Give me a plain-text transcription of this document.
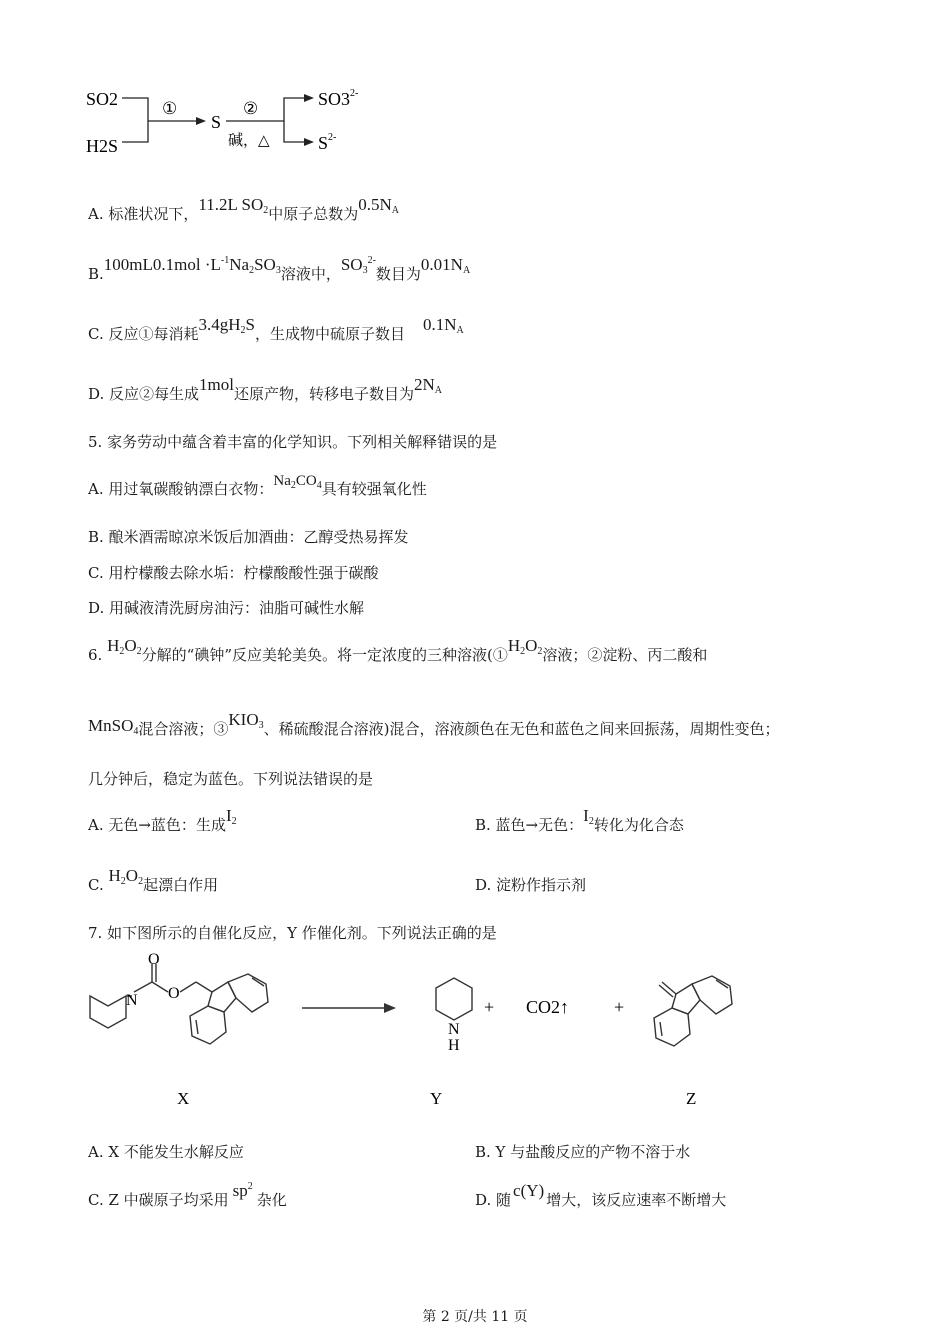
SO2
H2S
①
S
②
碱，△
$SO3^{2-}$
$S^{2-}$
A. 标准状况下，11.2L $SO_2$中原子总数为$0.5N_A$
$B.100mL0.1mol \cdot L^{-1}Na_2SO_3$溶液中，$SO_3^{2-}$数目为$0.01N_A$
C. 反应①每消耗$3.4gH_2S$，生成物中硫原子数目 $0.1N_A$
D. 反应②每生成1mol还原产物，转移电子数目为$2N_A$
5. 家务劳动中蕴含着丰富的化学知识。下列相关解释错误的是
A. 用过氧碳酸钠漂白衣物：$Na_2CO_4$具有较强氧化性
B. 酿米酒需晾凉米饭后加酒曲：乙醇受热易挥发
C. 用柠檬酸去除水垢：柠檬酸酸性强于碳酸
D. 用碱液清洗厨房油污：油脂可碱性水解
6. $H_2O_2$分解的“碘钟”反应美轮美奂。将一定浓度的三种溶液($①H_2O_2$溶液；②淀粉、丙二酸和
MnSO$_4$混合溶液；$③KIO_3$、稀硫酸混合溶液)混合，溶液颜色在无色和蓝色之间来回振荡，周期性变色；
几分钟后，稳定为蓝色。下列说法错误的是
A. 无色→蓝色：生成$I_2$	B. 蓝色→无色：$I_2$转化为化合态
C. $H_2O_2$起漂白作用	D. 淀粉作指示剂
7. 如下图所示的自催化反应，Y 作催化剂。下列说法正确的是
N
O
O
N
H
+ CO2↑ +
X	Y	Z
A. X 不能发生水解反应	B. Y 与盐酸反应的产物不溶于水
C. Z 中碳原子均采用 $sp^2$杂化	D. 随 c(Y) 增大，该反应速率不断增大
第 2 页/共 11 页
